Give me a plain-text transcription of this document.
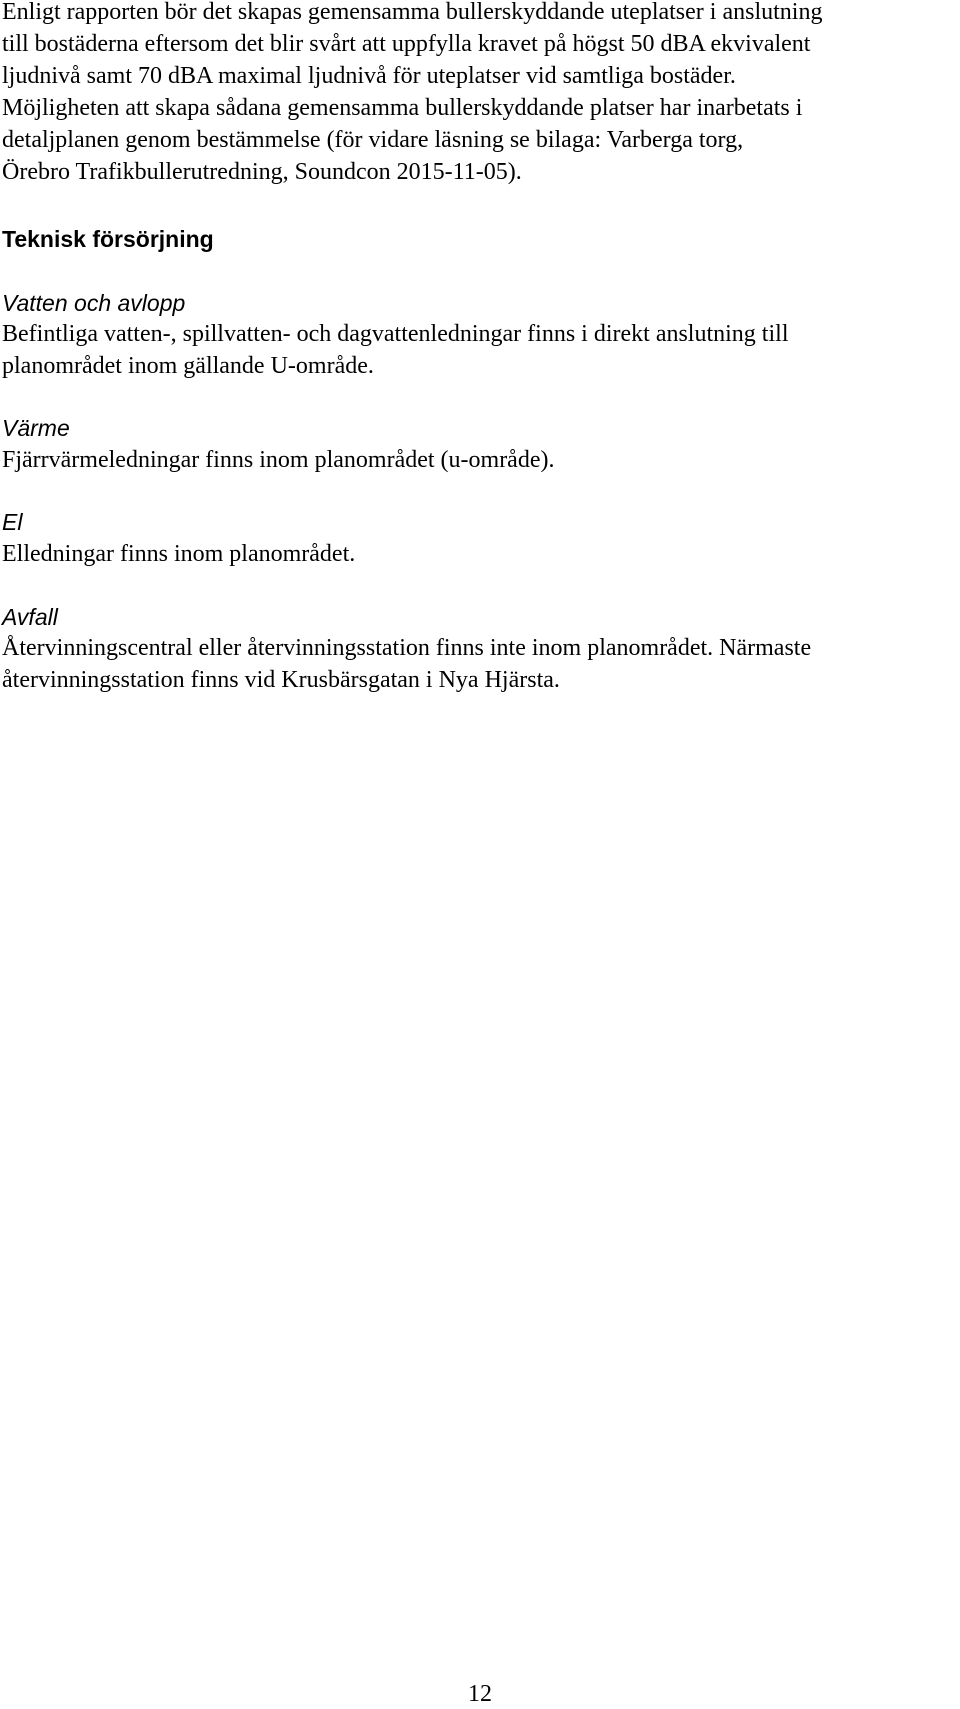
Enligt rapporten bör det skapas gemensamma bullerskyddande uteplatser i anslutning
till bostäderna eftersom det blir svårt att uppfylla kravet på högst 50 dBA ekvivalent
ljudnivå samt 70 dBA maximal ljudnivå för uteplatser vid samtliga bostäder.
Möjligheten att skapa sådana gemensamma bullerskyddande platser har inarbetats i
detaljplanen genom bestämmelse (för vidare läsning se bilaga: Varberga torg,
Örebro Trafikbullerutredning, Soundcon 2015-11-05).

Teknisk försörjning
Vatten och avlopp

Befintliga vatten-, spillvatten- och dagvattenledningar finns i direkt anslutning till
planområdet inom gällande U-område.

Värme

Fjärrvärmeledningar finns inom planområdet (u-område).

El

Elledningar finns inom planområdet.

Avfall

Återvinningscentral eller återvinningsstation finns inte inom planområdet. Närmaste
återvinningsstation finns vid Krusbärsgatan i Nya Hjärsta.

12
